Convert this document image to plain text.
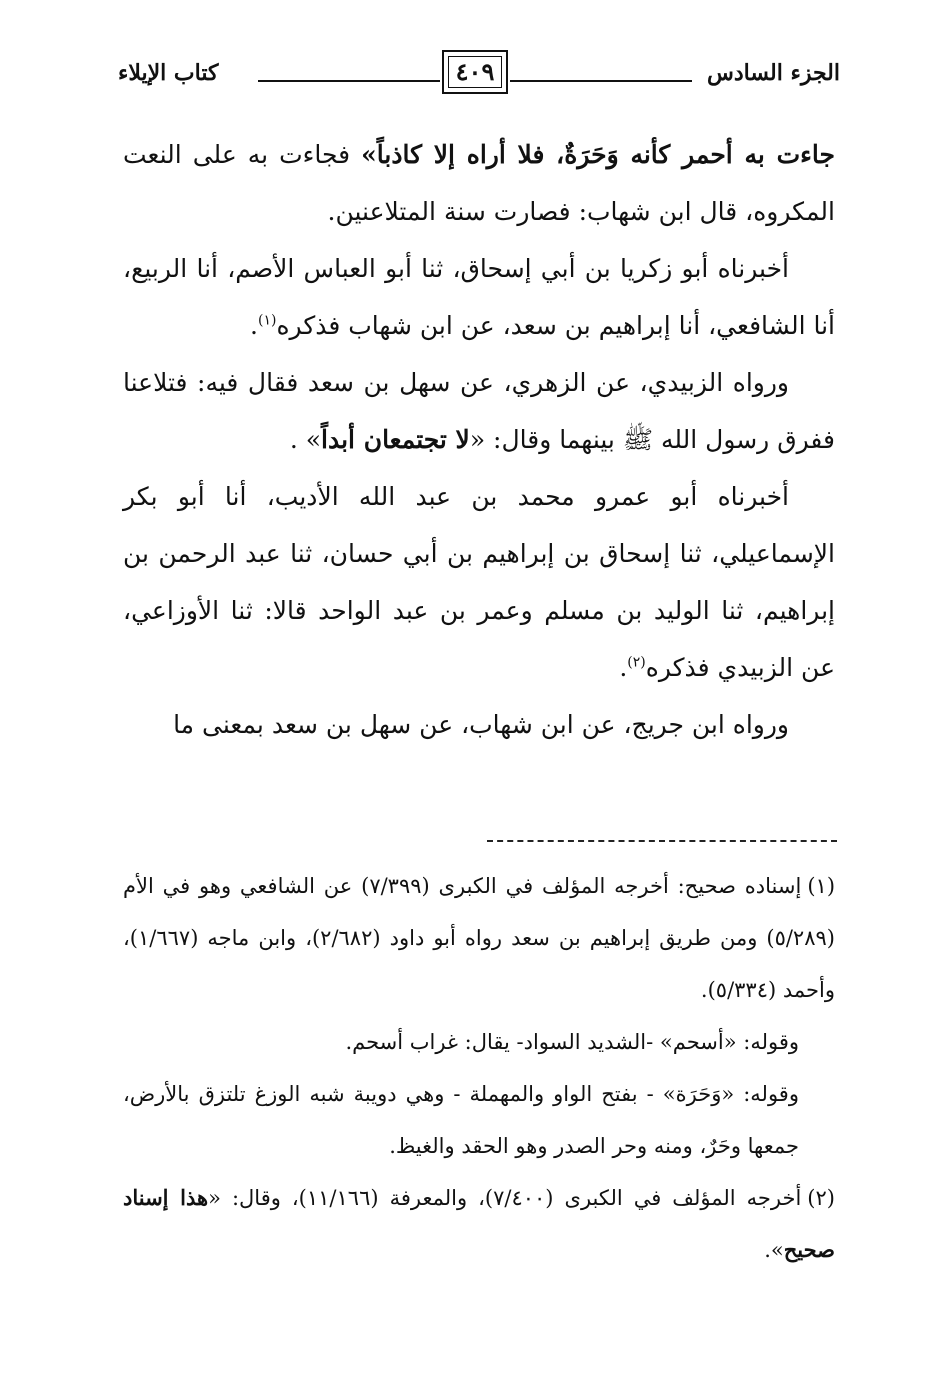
الجزء السادس
٤٠٩
كتاب الإيلاء

جاءت به أحمر كأنه وَحَرَةٌ، فلا أراه إلا كاذباً» فجاءت به على النعت المكروه، قال ابن شهاب: فصارت سنة المتلاعنين.

أخبرناه أبو زكريا بن أبي إسحاق، ثنا أبو العباس الأصم، أنا الربيع، أنا الشافعي، أنا إبراهيم بن سعد، عن ابن شهاب فذكره$^{(١)}$.

ورواه الزبيدي، عن الزهري، عن سهل بن سعد فقال فيه: فتلاعنا ففرق رسول الله ﷺ بينهما وقال: «لا تجتمعان أبداً» .

أخبرناه أبو عمرو محمد بن عبد الله الأديب، أنا أبو بكر الإسماعيلي، ثنا إسحاق بن إبراهيم بن أبي حسان، ثنا عبد الرحمن بن إبراهيم، ثنا الوليد بن مسلم وعمر بن عبد الواحد قالا: ثنا الأوزاعي، عن الزبيدي فذكره$^{(٢)}$.

ورواه ابن جريج، عن ابن شهاب، عن سهل بن سعد بمعنى ما

(١)إسناده صحيح: أخرجه المؤلف في الكبرى (٧/٣٩٩) عن الشافعي وهو في الأم (٥/٢٨٩) ومن طريق إبراهيم بن سعد رواه أبو داود (٢/٦٨٢)، وابن ماجه (١/٦٦٧)، وأحمد (٥/٣٣٤).

وقوله: «أسحم» -الشديد السواد- يقال: غراب أسحم.

وقوله: «وَحَرَة» - بفتح الواو والمهملة - وهي دويبة شبه الوزغ تلتزق بالأرض، جمعها وحَرٌ، ومنه وحر الصدر وهو الحقد والغيظ.

(٢)أخرجه المؤلف في الكبرى (٧/٤٠٠)، والمعرفة (١١/١٦٦)، وقال: «هذا إسناد صحيح».
